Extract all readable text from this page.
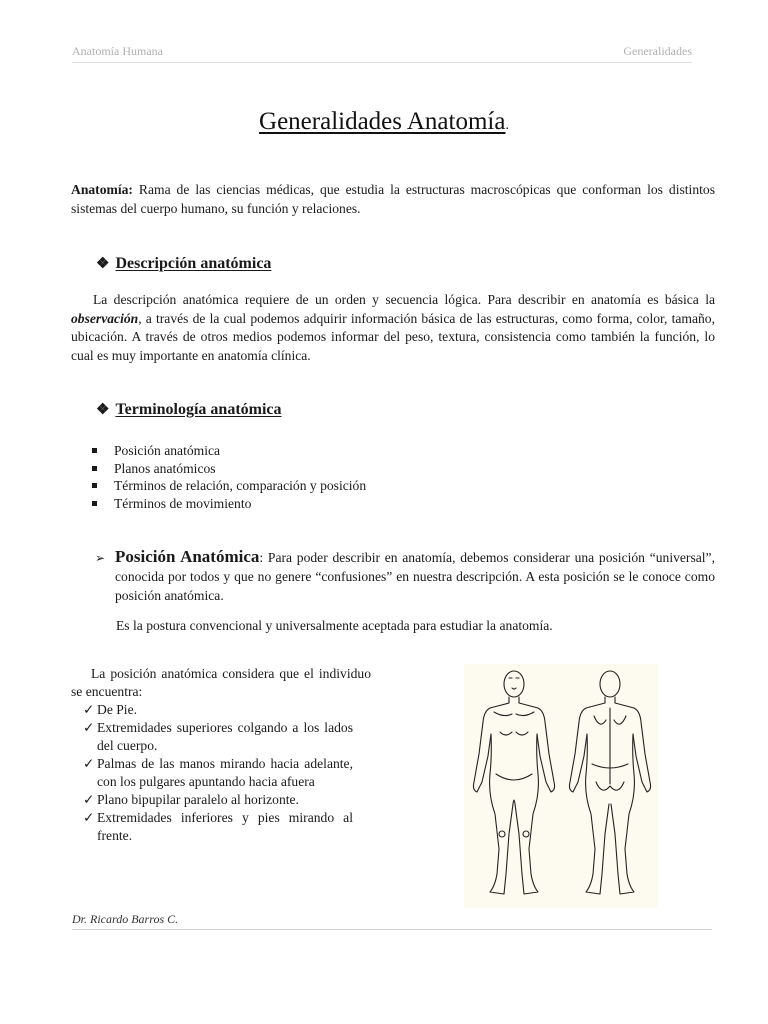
Anatomía Humana	Generalidades
Generalidades Anatomía.
Anatomía: Rama de las ciencias médicas, que estudia la estructuras macroscópicas que conforman los distintos sistemas del cuerpo humano, su función y relaciones.
❖ Descripción anatómica
La descripción anatómica requiere de un orden y secuencia lógica. Para describir en anatomía es básica la observación, a través de la cual podemos adquirir información básica de las estructuras, como forma, color, tamaño, ubicación. A través de otros medios podemos informar del peso, textura, consistencia como también la función, lo cual es muy importante en anatomía clínica.
❖ Terminología anatómica
Posición anatómica
Planos anatómicos
Términos de relación, comparación y posición
Términos de movimiento
➢ Posición Anatómica: Para poder describir en anatomía, debemos considerar una posición “universal”, conocida por todos y que no genere “confusiones” en nuestra descripción. A esta posición se le conoce como posición anatómica.
Es la postura convencional y universalmente aceptada para estudiar la anatomía.
La posición anatómica considera que el individuo se encuentra:
✓ De Pie.
✓ Extremidades superiores colgando a los lados del cuerpo.
✓ Palmas de las manos mirando hacia adelante, con los pulgares apuntando hacia afuera
✓ Plano bipupilar paralelo al horizonte.
✓ Extremidades inferiores y pies mirando al frente.
Dr. Ricardo Barros C.
